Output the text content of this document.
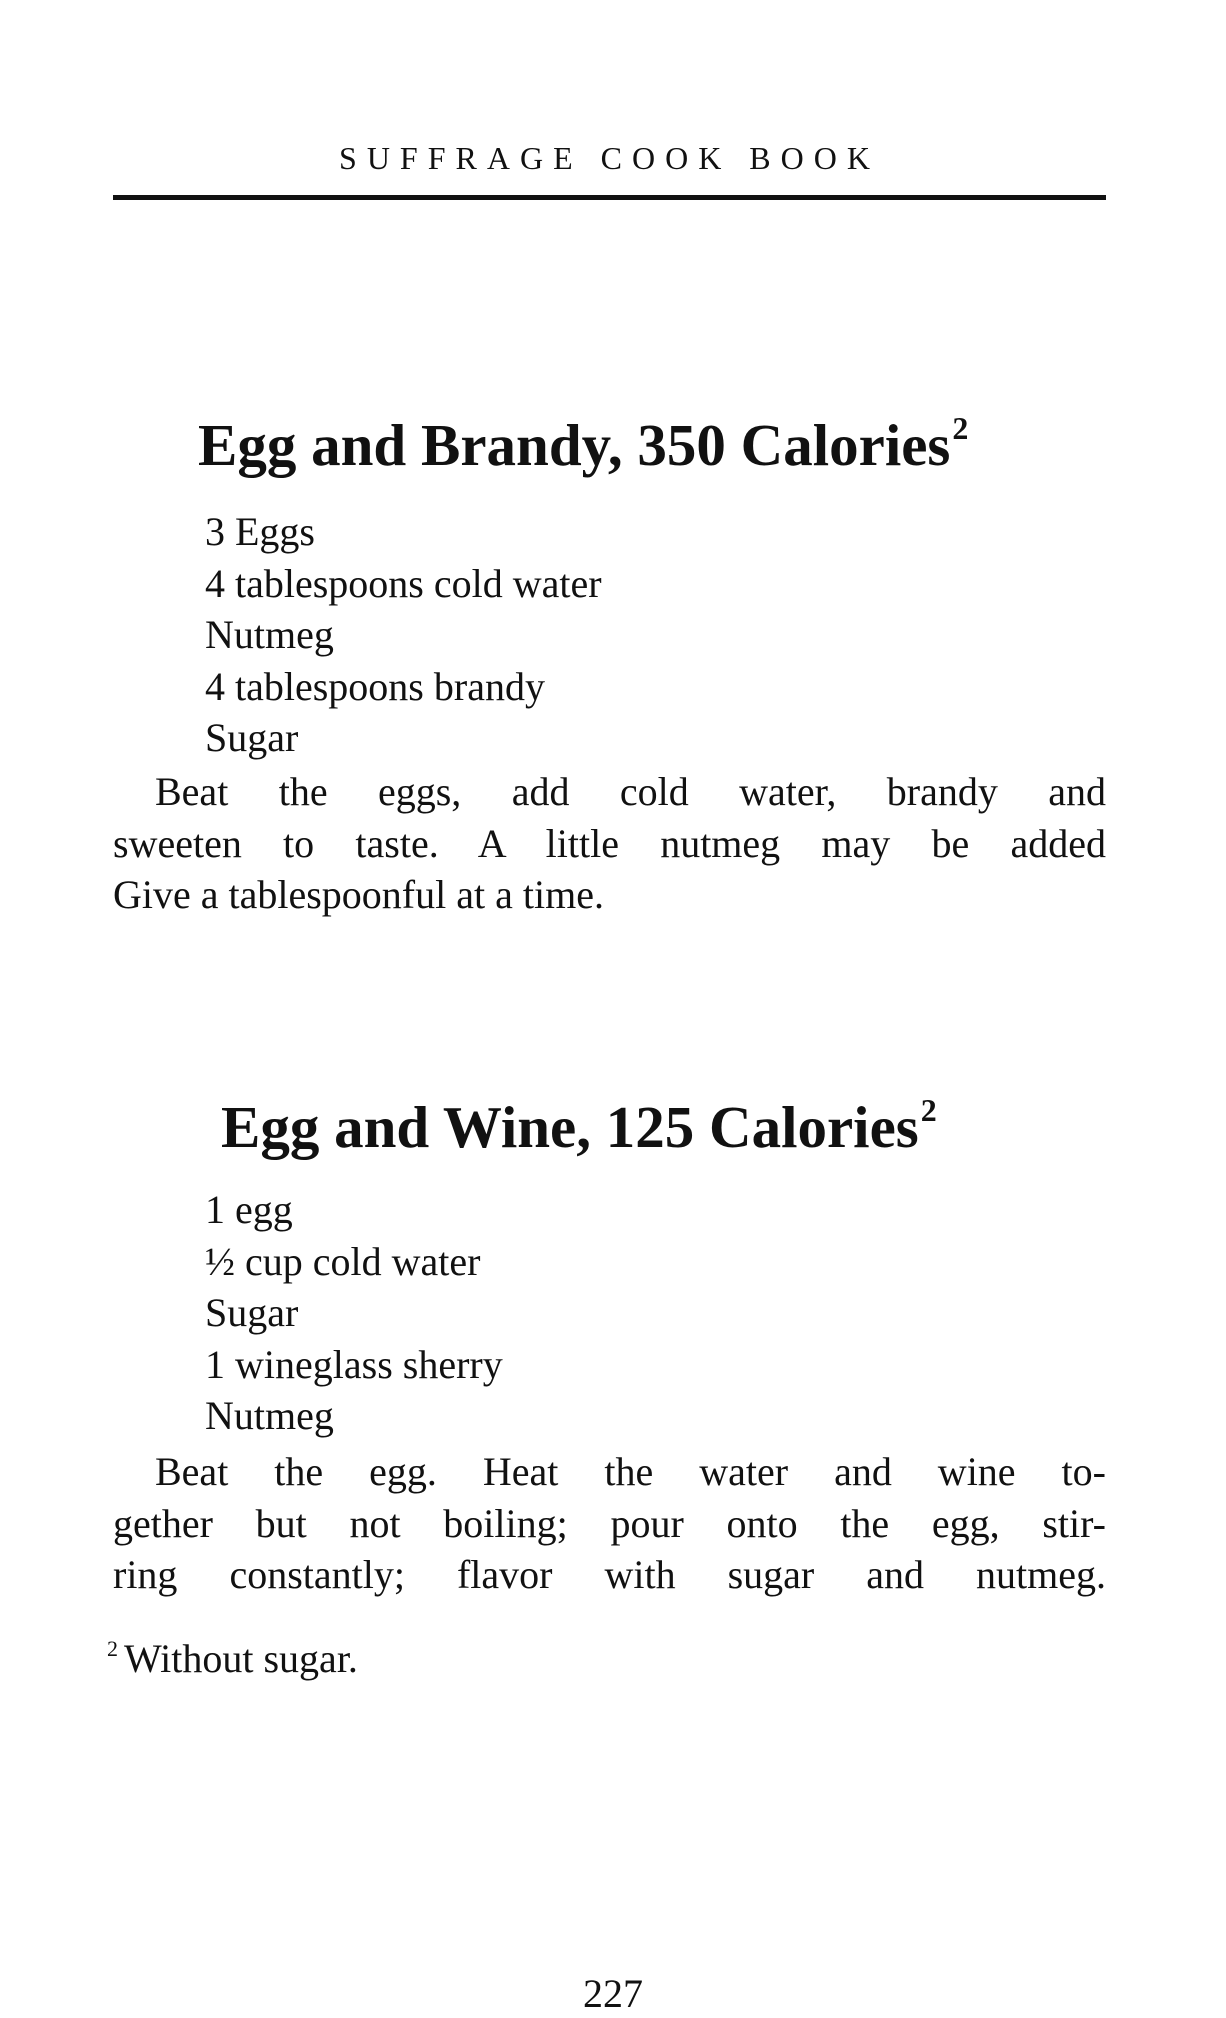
SUFFRAGE COOK BOOK
Egg and Brandy, 350 Calories$^2$
3 Eggs
4 tablespoons cold water
Nutmeg
4 tablespoons brandy
Sugar
Beat the eggs, add cold water, brandy and
sweeten to taste. A little nutmeg may be added
Give a tablespoonful at a time.
Egg and Wine, 125 Calories$^2$
1 egg
½ cup cold water
Sugar
1 wineglass sherry
Nutmeg
Beat the egg. Heat the water and wine to-
gether but not boiling; pour onto the egg, stir-
ring constantly; flavor with sugar and nutmeg.
$^2$ Without sugar.
227
